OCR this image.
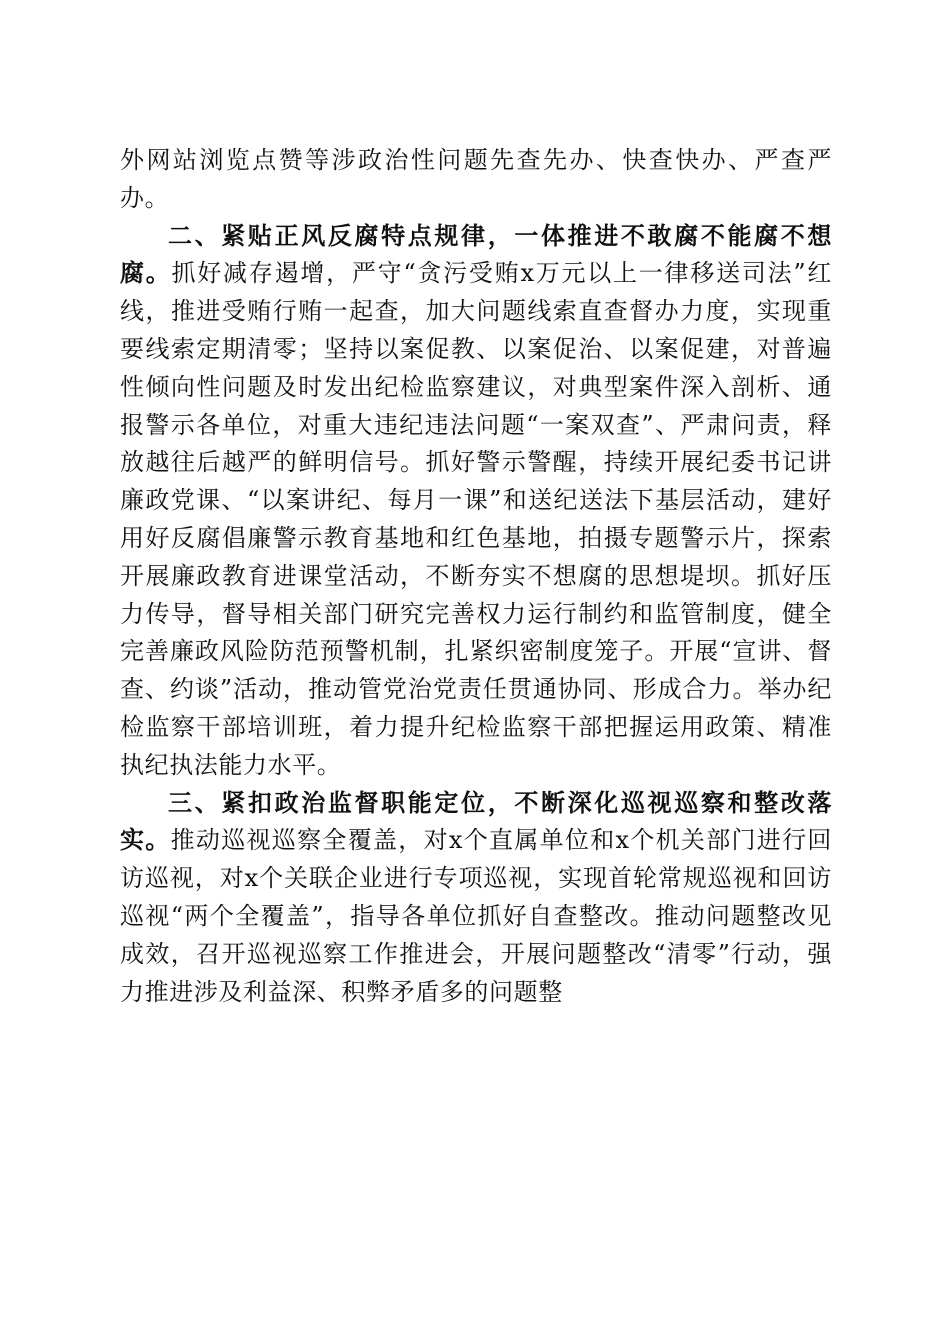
外网站浏览点赞等涉政治性问题先查先办、快查快办、严查严办。

二、紧贴正风反腐特点规律，一体推进不敢腐不能腐不想腐。抓好减存遏增，严守“贪污受贿x万元以上一律移送司法”红线，推进受贿行贿一起查，加大问题线索直查督办力度，实现重要线索定期清零；坚持以案促教、以案促治、以案促建，对普遍性倾向性问题及时发出纪检监察建议，对典型案件深入剖析、通报警示各单位，对重大违纪违法问题“一案双查”、严肃问责，释放越往后越严的鲜明信号。抓好警示警醒，持续开展纪委书记讲廉政党课、“以案讲纪、每月一课”和送纪送法下基层活动，建好用好反腐倡廉警示教育基地和红色基地，拍摄专题警示片，探索开展廉政教育进课堂活动，不断夯实不想腐的思想堤坝。抓好压力传导，督导相关部门研究完善权力运行制约和监管制度，健全完善廉政风险防范预警机制，扎紧织密制度笼子。开展“宣讲、督查、约谈”活动，推动管党治党责任贯通协同、形成合力。举办纪检监察干部培训班，着力提升纪检监察干部把握运用政策、精准执纪执法能力水平。

三、紧扣政治监督职能定位，不断深化巡视巡察和整改落实。推动巡视巡察全覆盖，对x个直属单位和x个机关部门进行回访巡视，对x个关联企业进行专项巡视，实现首轮常规巡视和回访巡视“两个全覆盖”，指导各单位抓好自查整改。推动问题整改见成效，召开巡视巡察工作推进会，开展问题整改“清零”行动，强力推进涉及利益深、积弊矛盾多的问题整
